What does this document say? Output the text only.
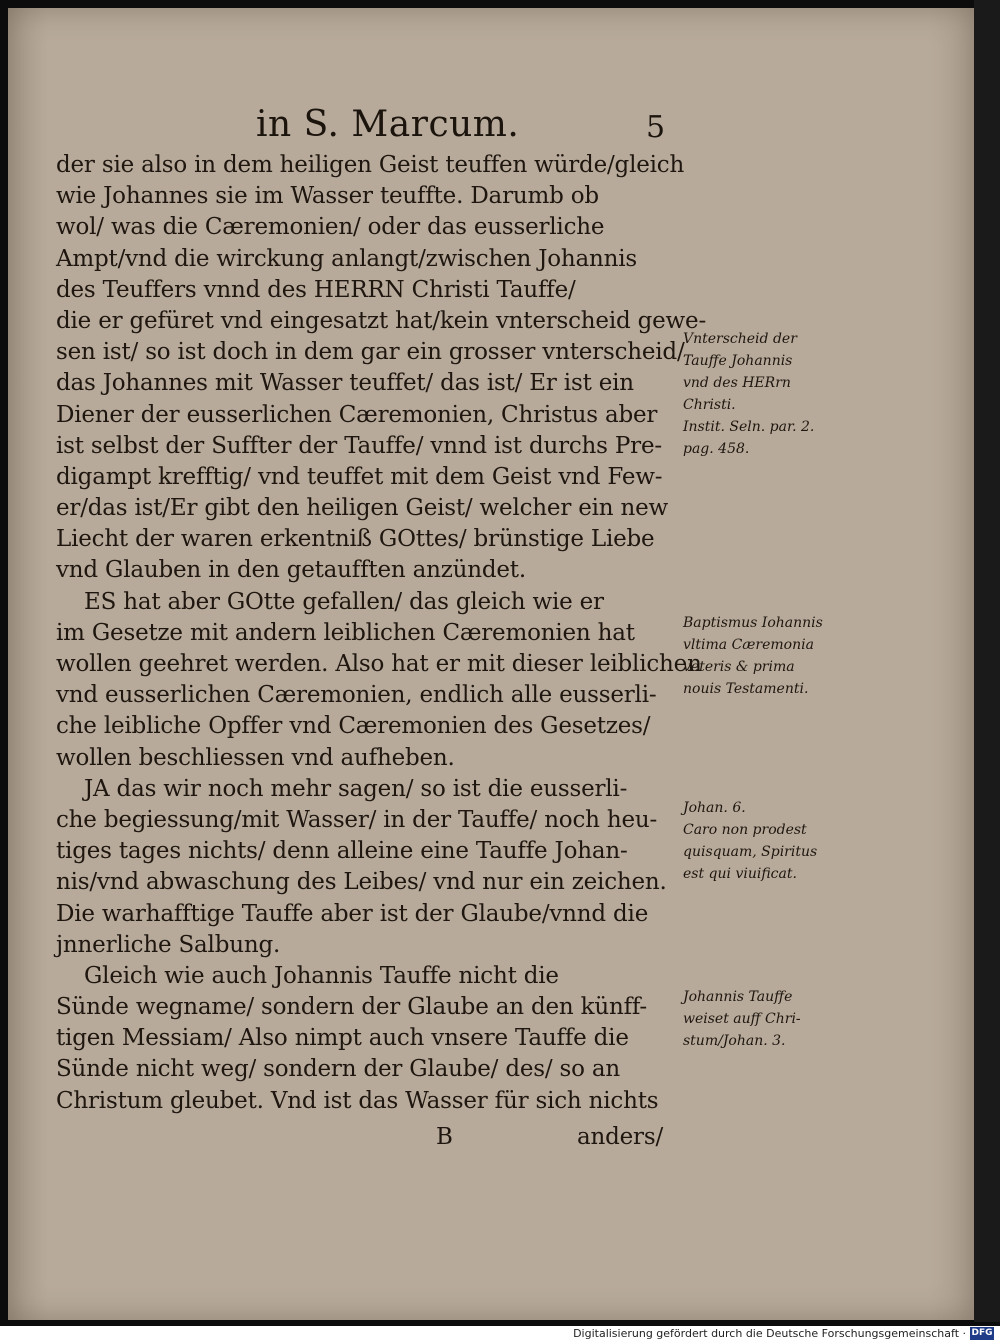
in S. Marcum.	5
der sie also in dem heiligen Geist teuffen würde/gleich
wie Johannes sie im Wasser teuffte. Darumb ob
wol/ was die Cæremonien/ oder das eusserliche
Ampt/vnd die wirckung anlangt/zwischen Johannis
des Teuffers vnnd des HERRN Christi Tauffe/
die er gefüret vnd eingesatzt hat/kein vnterscheid gewe-
sen ist/ so ist doch in dem gar ein grosser vnterscheid/
das Johannes mit Wasser teuffet/ das ist/ Er ist ein
Diener der eusserlichen Cæremonien, Christus aber
ist selbst der Suffter der Tauffe/ vnnd ist durchs Pre-
digampt krefftig/ vnd teuffet mit dem Geist vnd Few-
er/das ist/Er gibt den heiligen Geist/ welcher ein new
Liecht der waren erkentniß GOttes/ brünstige Liebe
vnd Glauben in den getaufften anzündet.
ES hat aber GOtte gefallen/ das gleich wie er
im Gesetze mit andern leiblichen Cæremonien hat
wollen geehret werden. Also hat er mit dieser leiblichen
vnd eusserlichen Cæremonien, endlich alle eusserli-
che leibliche Opffer vnd Cæremonien des Gesetzes/
wollen beschliessen vnd aufheben.
JA das wir noch mehr sagen/ so ist die eusserli-
che begiessung/mit Wasser/ in der Tauffe/ noch heu-
tiges tages nichts/ denn alleine eine Tauffe Johan-
nis/vnd abwaschung des Leibes/ vnd nur ein zeichen.
Die warhafftige Tauffe aber ist der Glaube/vnnd die
jnnerliche Salbung.
Gleich wie auch Johannis Tauffe nicht die
Sünde wegname/ sondern der Glaube an den künff-
tigen Messiam/ Also nimpt auch vnsere Tauffe die
Sünde nicht weg/ sondern der Glaube/ des/ so an
Christum gleubet. Vnd ist das Wasser für sich nichts
B	anders/
Vnterscheid der
Tauffe Johannis
vnd des HERrn
Christi.
Instit. Seln. par. 2.
pag. 458.
Baptismus Iohannis
vltima Cæremonia
veteris & prima
nouis Testamenti.
Johan. 6.
Caro non prodest
quisquam, Spiritus
est qui viuificat.
Johannis Tauffe
weiset auff Chri-
stum/Johan. 3.
Digitalisierung gefördert durch die Deutsche Forschungsgemeinschaft · DFG
